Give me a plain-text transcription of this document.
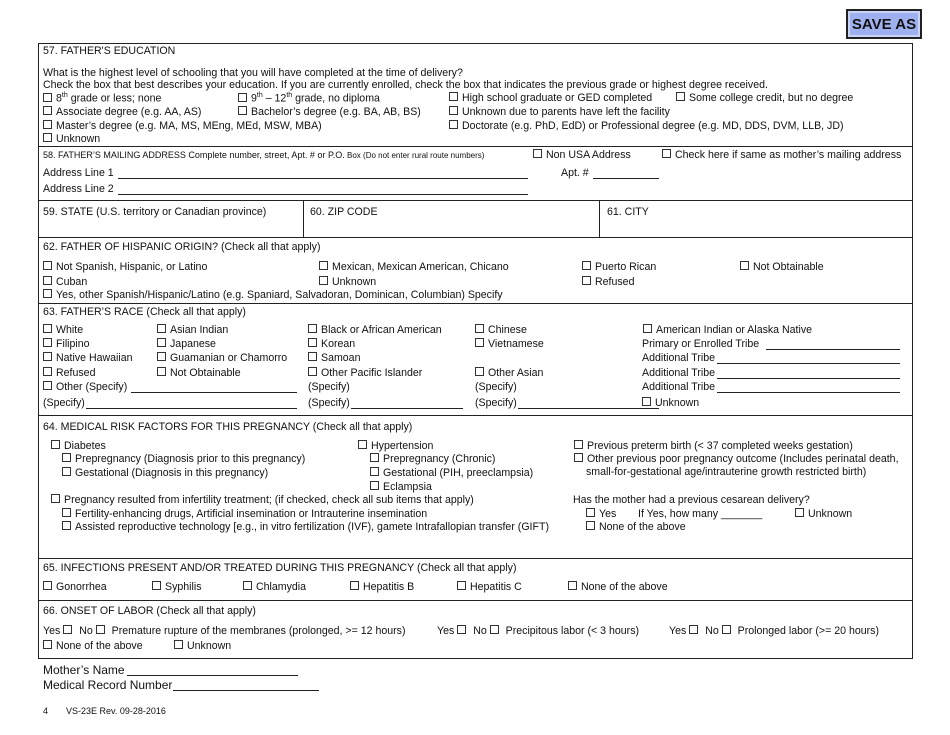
SAVE AS
57. FATHER'S EDUCATION
What is the highest level of schooling that you will have completed at the time of delivery?
Check the box that best describes your education. If you are currently enrolled, check the box that indicates the previous grade or highest degree received.
8th grade or less; none	9th – 12th grade, no diploma	High school graduate or GED completed	Some college credit, but no degree
Associate degree (e.g. AA, AS)	Bachelor’s degree (e.g. BA, AB, BS)	Unknown due to parents have left the facility
Master’s degree (e.g. MA, MS, MEng, MEd, MSW, MBA)	Doctorate (e.g. PhD, EdD) or Professional degree (e.g. MD, DDS, DVM, LLB, JD)
Unknown
58. FATHER’S MAILING ADDRESS Complete number, street, Apt. # or P.O. Box (Do not enter rural route numbers)	Non USA Address	Check here if same as mother’s mailing address
Address Line 1
Address Line 2
Apt. #
59. STATE (U.S. territory or Canadian province)	60. ZIP CODE	61. CITY
62. FATHER OF HISPANIC ORIGIN? (Check all that apply)
Not Spanish, Hispanic, or Latino	Mexican, Mexican American, Chicano	Puerto Rican	Not Obtainable
Cuban	Unknown	Refused
Yes, other Spanish/Hispanic/Latino (e.g. Spaniard, Salvadoran, Dominican, Columbian) Specify
63. FATHER’S RACE (Check all that apply)
White	Asian Indian	Black or African American	Chinese	American Indian or Alaska Native
Filipino	Japanese	Korean	Vietnamese	Primary or Enrolled Tribe
Native Hawaiian	Guamanian or Chamorro	Samoan	Additional Tribe
Refused	Not Obtainable	Other Pacific Islander	Other Asian	Additional Tribe
Other (Specify)	(Specify)	(Specify)	Additional Tribe
(Specify)	(Specify)	(Specify)	Unknown
64. MEDICAL RISK FACTORS FOR THIS PREGNANCY (Check all that apply)
Diabetes
Prepregnancy (Diagnosis prior to this pregnancy)
Gestational (Diagnosis in this pregnancy)
Hypertension
Prepregnancy (Chronic)
Gestational (PIH, preeclampsia)
Eclampsia
Previous preterm birth (< 37 completed weeks gestation)
Other previous poor pregnancy outcome (Includes perinatal death,
small-for-gestational age/intrauterine growth restricted birth)
Pregnancy resulted from infertility treatment; (if checked, check all sub items that apply)
Fertility-enhancing drugs, Artificial insemination or Intrauterine insemination
Assisted reproductive technology [e.g., in vitro fertilization (IVF), gamete Intrafallopian transfer (GIFT)
Has the mother had a previous cesarean delivery?
Yes If Yes, how many _______	Unknown
None of the above
65. INFECTIONS PRESENT AND/OR TREATED DURING THIS PREGNANCY (Check all that apply)
Gonorrhea	Syphilis	Chlamydia	Hepatitis B	Hepatitis C	None of the above
66. ONSET OF LABOR (Check all that apply)
Yes No Premature rupture of the membranes (prolonged, >= 12 hours)	Yes No Precipitous labor (< 3 hours)	Yes No Prolonged labor (>= 20 hours)
None of the above	Unknown
Mother’s Name
Medical Record Number
4 VS-23E Rev. 09-28-2016
